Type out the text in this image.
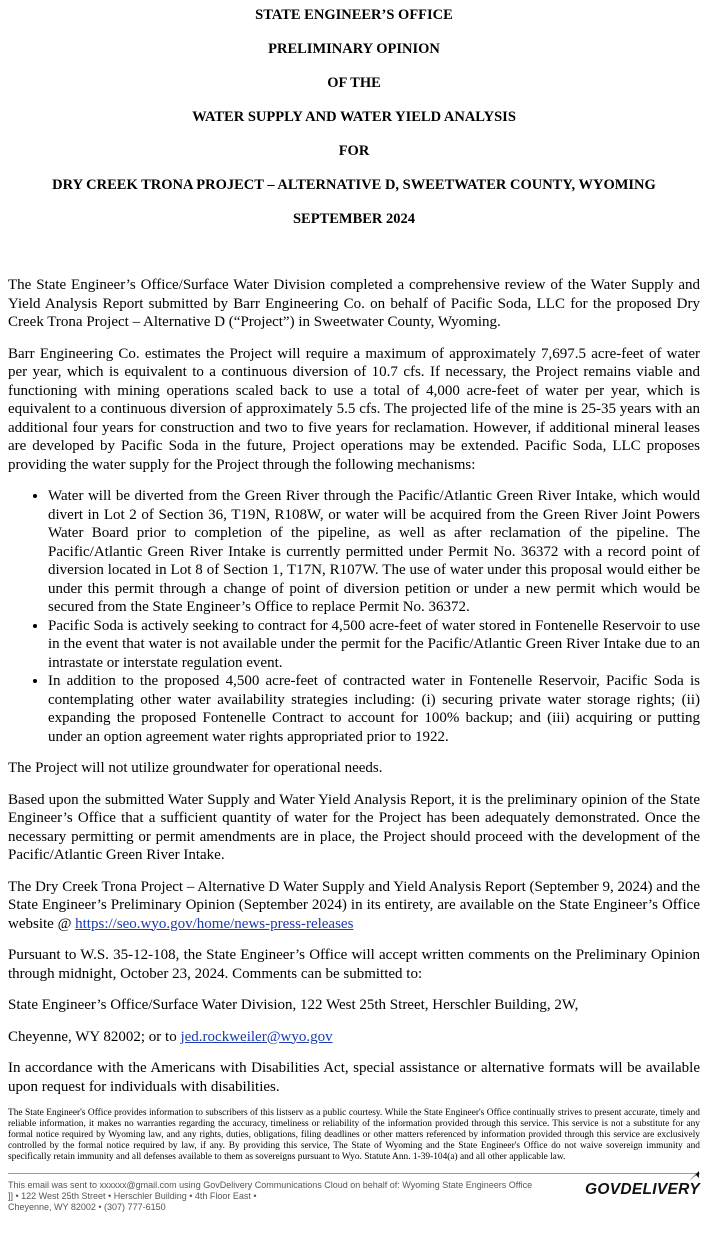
STATE ENGINEER’S OFFICE

PRELIMINARY OPINION

OF THE

WATER SUPPLY AND WATER YIELD ANALYSIS

FOR

DRY CREEK TRONA PROJECT – ALTERNATIVE D, SWEETWATER COUNTY, WYOMING

SEPTEMBER 2024

The State Engineer’s Office/Surface Water Division completed a comprehensive review of the Water Supply and Yield Analysis Report submitted by Barr Engineering Co. on behalf of Pacific Soda, LLC for the proposed Dry Creek Trona Project – Alternative D (“Project”) in Sweetwater County, Wyoming.

Barr Engineering Co. estimates the Project will require a maximum of approximately 7,697.5 acre-feet of water per year, which is equivalent to a continuous diversion of 10.7 cfs. If necessary, the Project remains viable and functioning with mining operations scaled back to use a total of 4,000 acre-feet of water per year, which is equivalent to a continuous diversion of approximately 5.5 cfs. The projected life of the mine is 25-35 years with an additional four years for construction and two to five years for reclamation. However, if additional mineral leases are developed by Pacific Soda in the future, Project operations may be extended. Pacific Soda, LLC proposes providing the water supply for the Project through the following mechanisms:

• Water will be diverted from the Green River through the Pacific/Atlantic Green River Intake, which would divert in Lot 2 of Section 36, T19N, R108W, or water will be acquired from the Green River Joint Powers Water Board prior to completion of the pipeline, as well as after reclamation of the pipeline. The Pacific/Atlantic Green River Intake is currently permitted under Permit No. 36372 with a record point of diversion located in Lot 8 of Section 1, T17N, R107W. The use of water under this proposal would either be under this permit through a change of point of diversion petition or under a new permit which would be secured from the State Engineer’s Office to replace Permit No. 36372.
• Pacific Soda is actively seeking to contract for 4,500 acre-feet of water stored in Fontenelle Reservoir to use in the event that water is not available under the permit for the Pacific/Atlantic Green River Intake due to an intrastate or interstate regulation event.
• In addition to the proposed 4,500 acre-feet of contracted water in Fontenelle Reservoir, Pacific Soda is contemplating other water availability strategies including: (i) securing private water storage rights; (ii) expanding the proposed Fontenelle Contract to account for 100% backup; and (iii) acquiring or putting under an option agreement water rights appropriated prior to 1922.

The Project will not utilize groundwater for operational needs.

Based upon the submitted Water Supply and Water Yield Analysis Report, it is the preliminary opinion of the State Engineer’s Office that a sufficient quantity of water for the Project has been adequately demonstrated. Once the necessary permitting or permit amendments are in place, the Project should proceed with the development of the Pacific/Atlantic Green River Intake.

The Dry Creek Trona Project – Alternative D Water Supply and Yield Analysis Report (September 9, 2024) and the State Engineer’s Preliminary Opinion (September 2024) in its entirety, are available on the State Engineer’s Office website @ https://seo.wyo.gov/home/news-press-releases

Pursuant to W.S. 35-12-108, the State Engineer’s Office will accept written comments on the Preliminary Opinion through midnight, October 23, 2024. Comments can be submitted to:

State Engineer’s Office/Surface Water Division, 122 West 25th Street, Herschler Building, 2W,

Cheyenne, WY 82002; or to jed.rockweiler@wyo.gov

In accordance with the Americans with Disabilities Act, special assistance or alternative formats will be available upon request for individuals with disabilities.

The State Engineer's Office provides information to subscribers of this listserv as a public courtesy. While the State Engineer's Office continually strives to present accurate, timely and reliable information, it makes no warranties regarding the accuracy, timeliness or reliability of the information provided through this service. This service is not a substitute for any formal notice required by Wyoming law, and any rights, duties, obligations, filing deadlines or other matters referenced by information provided through this service are exclusively controlled by the formal notice required by law, if any. By providing this service, The State of Wyoming and the State Engineer's Office do not waive sovereign immunity and specifically retain immunity and all defenses available to them as sovereigns pursuant to Wyo. Statute Ann. 1-39-104(a) and all other applicable law.

This email was sent to xxxxxx@gmail.com using GovDelivery Communications Cloud on behalf of: Wyoming State Engineers Office
]] • 122 West 25th Street • Herschler Building • 4th Floor East •
Cheyenne, WY 82002 • (307) 777-6150
GOVDELIVERY
